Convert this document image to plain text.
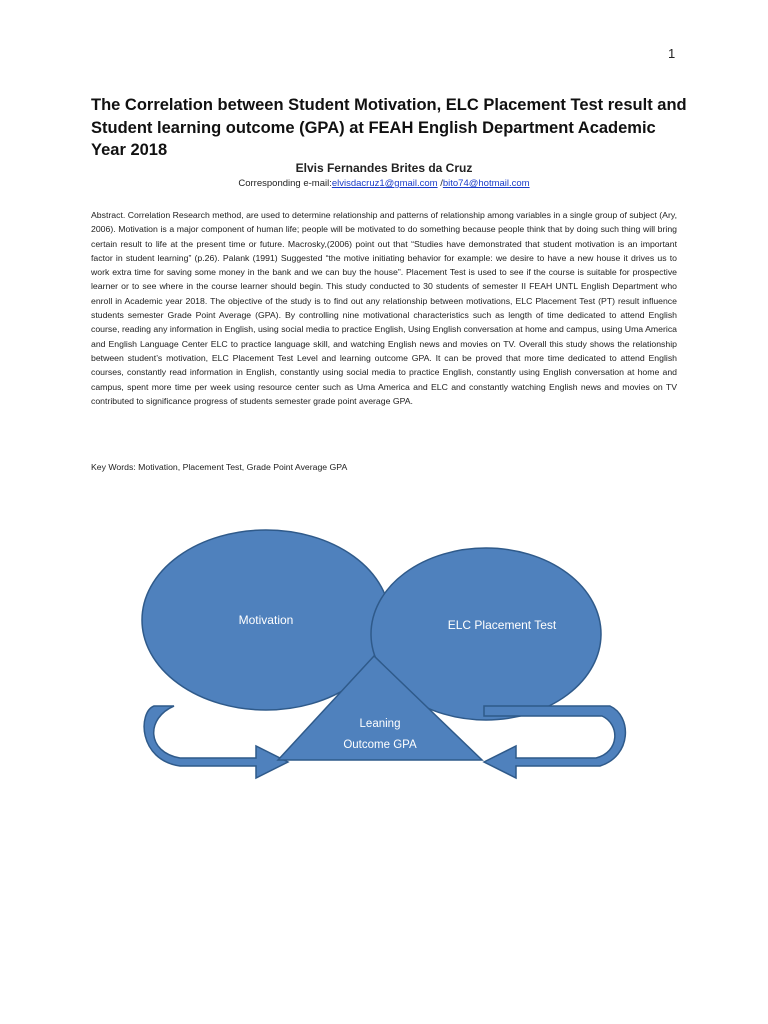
1
The Correlation between Student Motivation, ELC Placement Test result and Student learning outcome (GPA) at FEAH English Department Academic Year 2018
Elvis Fernandes Brites da Cruz
Corresponding e-mail:elvisdacruz1@gmail.com /bito74@hotmail.com

Abstract. Correlation Research method, are used to determine relationship and patterns of relationship among variables in a single group of subject (Ary, 2006). Motivation is a major component of human life; people will be motivated to do something because people think that by doing such thing will bring certain result to life at the present time or future. Macrosky,(2006) point out that “Studies have demonstrated that student motivation is an important factor in student learning” (p.26). Palank (1991) Suggested “the motive initiating behavior for example: we desire to have a new house it drives us to work extra time for saving some money in the bank and we can buy the house”. Placement Test is used to see if the course is suitable for prospective learner or to see where in the course learner should begin. This study conducted to 30 students of semester II FEAH UNTL English Department who enroll in Academic year 2018. The objective of the study is to find out any relationship between motivations, ELC Placement Test (PT) result influence students semester Grade Point Average (GPA). By controlling nine motivational characteristics such as length of time dedicated to attend English course, reading any information in English, using social media to practice English, Using English conversation at home and campus, using Uma America and English Language Center ELC to practice language skill, and watching English news and movies on TV. Overall this study shows the relationship between student’s motivation, ELC Placement Test Level and learning outcome GPA. It can be proved that more time dedicated to attend English courses, constantly read information in English, constantly using social media to practice English, constantly using English conversation at home and campus, spent more time per week using resource center such as Uma America and ELC and constantly watching English news and movies on TV contributed to significance progress of students semester grade point average GPA.

Key Words: Motivation, Placement Test, Grade Point Average GPA
Motivation	ELC Placement Test
Leaning
Outcome GPA
